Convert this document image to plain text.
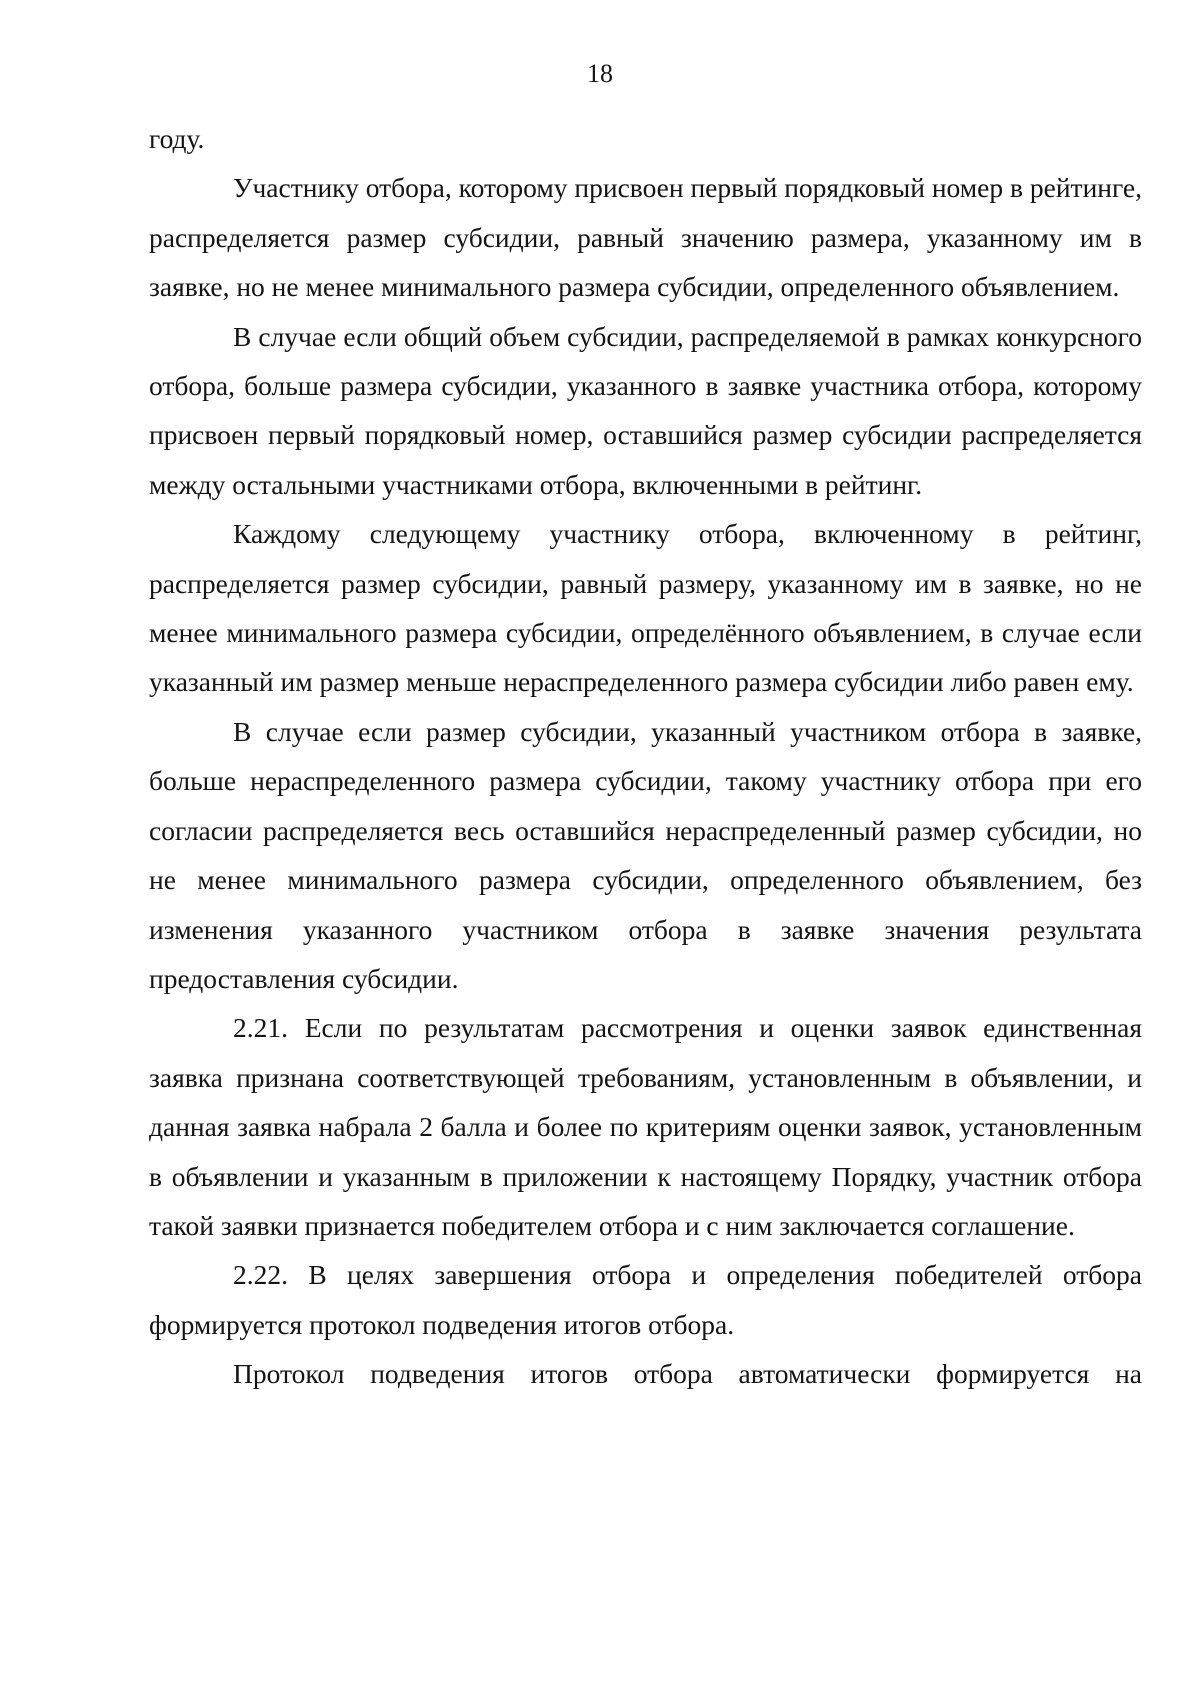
18

году.

Участнику отбора, которому присвоен первый порядковый номер в рейтинге, распределяется размер субсидии, равный значению размера, указанному им в заявке, но не менее минимального размера субсидии, определенного объявлением.

В случае если общий объем субсидии, распределяемой в рамках конкурсного отбора, больше размера субсидии, указанного в заявке участника отбора, которому присвоен первый порядковый номер, оставшийся размер субсидии распределяется между остальными участниками отбора, включенными в рейтинг.

Каждому следующему участнику отбора, включенному в рейтинг, распределяется размер субсидии, равный размеру, указанному им в заявке, но не менее минимального размера субсидии, определённого объявлением, в случае если указанный им размер меньше нераспределенного размера субсидии либо равен ему.

В случае если размер субсидии, указанный участником отбора в заявке, больше нераспределенного размера субсидии, такому участнику отбора при его согласии распределяется весь оставшийся нераспределенный размер субсидии, но не менее минимального размера субсидии, определенного объявлением, без изменения указанного участником отбора в заявке значения результата предоставления субсидии.

2.21. Если по результатам рассмотрения и оценки заявок единственная заявка признана соответствующей требованиям, установленным в объявлении, и данная заявка набрала 2 балла и более по критериям оценки заявок, установленным в объявлении и указанным в приложении к настоящему Порядку, участник отбора такой заявки признается победителем отбора и с ним заключается соглашение.

2.22. В целях завершения отбора и определения победителей отбора формируется протокол подведения итогов отбора.

Протокол подведения итогов отбора автоматически формируется на
